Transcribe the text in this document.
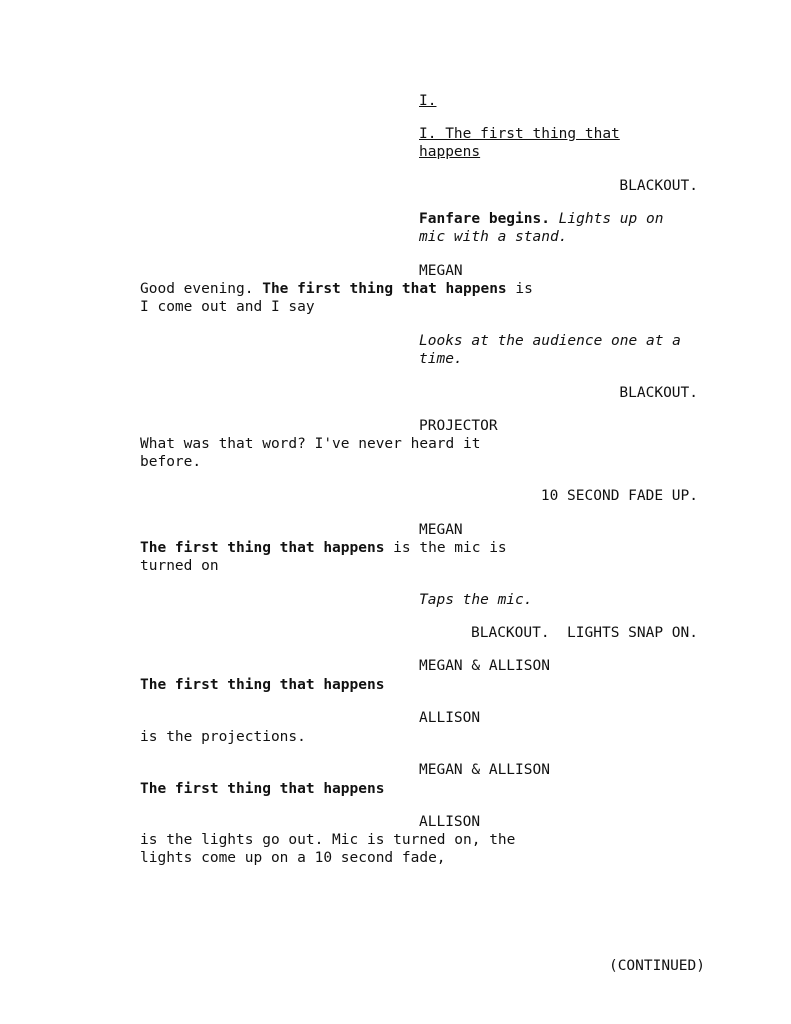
I.
I. The first thing that
happens
BLACKOUT.
Fanfare begins. Lights up on
mic with a stand.
MEGAN
Good evening. The first thing that happens is
I come out and I say
Looks at the audience one at a
time.
BLACKOUT.
PROJECTOR
What was that word? I've never heard it
before.
10 SECOND FADE UP.
MEGAN
The first thing that happens is the mic is
turned on
Taps the mic.
BLACKOUT.  LIGHTS SNAP ON.
MEGAN & ALLISON
The first thing that happens
ALLISON
is the projections.
MEGAN & ALLISON
The first thing that happens
ALLISON
is the lights go out. Mic is turned on, the
lights come up on a 10 second fade,
(CONTINUED)
